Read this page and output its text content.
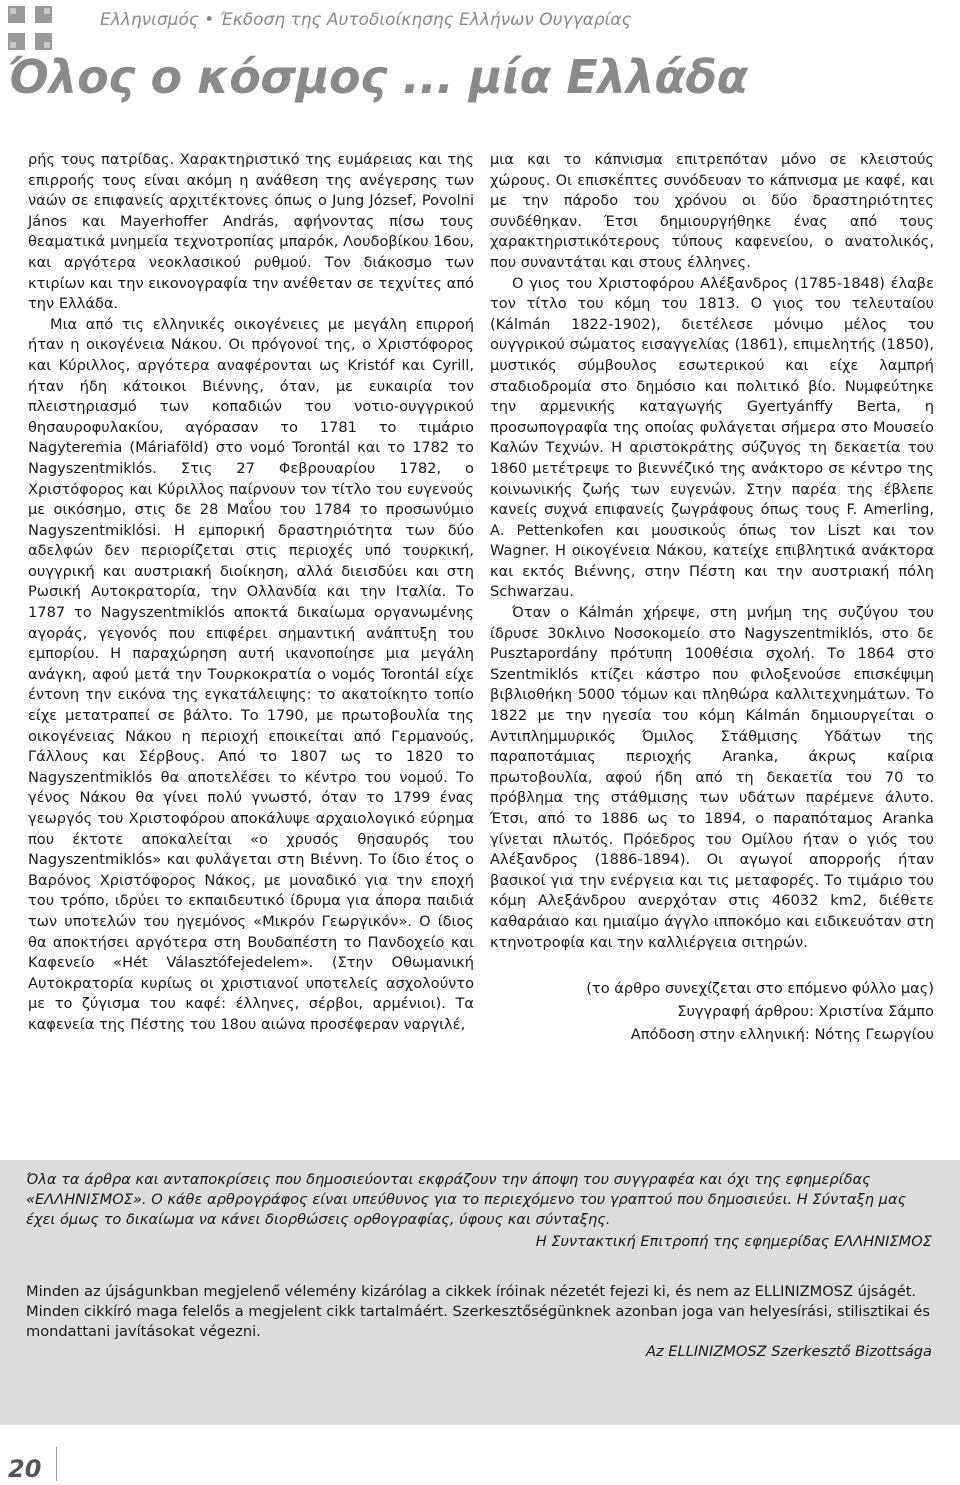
Ελληνισμός • Έκδοση της Αυτοδιοίκησης Ελλήνων Ουγγαρίας
Όλος ο κόσμος ... μία Ελλάδα

ρής τους πατρίδας. Χαρακτηριστικό της ευμάρειας και της επιρροής τους είναι ακόμη η ανάθεση της ανέγερσης των ναών σε επιφανείς αρχιτέκτονες όπως ο Jung József, Povolni János και Mayerhoffer András, αφήνοντας πίσω τους θεαματικά μνημεία τεχνοτροπίας μπαρόκ, Λουδοβίκου 16ου, και αργότερα νεοκλασικού ρυθμού. Τον διάκοσμο των κτιρίων και την εικονογραφία την ανέθεταν σε τεχνίτες από την Ελλάδα.

Μια από τις ελληνικές οικογένειες με μεγάλη επιρροή ήταν η οικογένεια Νάκου. Οι πρόγονοί της, ο Χριστόφορος και Κύριλλος, αργότερα αναφέρονται ως Kristóf και Cyrill, ήταν ήδη κάτοικοι Βιέννης, όταν, με ευκαιρία τον πλειστηριασμό των κοπαδιών του νοτιο-ουγγρικού θησαυροφυλακίου, αγόρασαν το 1781 το τιμάριο Nagyteremia (Máriaföld) στο νομό Torontál και το 1782 το Nagyszentmiklós. Στις 27 Φεβρουαρίου 1782, ο Χριστόφορος και Κύριλλος παίρνουν τον τίτλο του ευγενούς με οικόσημο, στις δε 28 Μαΐου του 1784 το προσωνύμιο Nagyszentmiklósi. Η εμπορική δραστηριότητα των δύο αδελφών δεν περιορίζεται στις περιοχές υπό τουρκική, ουγγρική και αυστριακή διοίκηση, αλλά διεισδύει και στη Ρωσική Αυτοκρατορία, την Ολλανδία και την Ιταλία. Το 1787 το Nagyszentmiklós αποκτά δικαίωμα οργανωμένης αγοράς, γεγονός που επιφέρει σημαντική ανάπτυξη του εμπορίου. Η παραχώρηση αυτή ικανοποίησε μια μεγάλη ανάγκη, αφού μετά την Τουρκοκρατία ο νομός Torontál είχε έντονη την εικόνα της εγκατάλειψης: το ακατοίκητο τοπίο είχε μετατραπεί σε βάλτο. Το 1790, με πρωτοβουλία της οικογένειας Νάκου η περιοχή εποικείται από Γερμανούς, Γάλλους και Σέρβους. Από το 1807 ως το 1820 το Nagyszentmiklós θα αποτελέσει το κέντρο του νομού. Το γένος Νάκου θα γίνει πολύ γνωστό, όταν το 1799 ένας γεωργός του Χριστοφόρου αποκάλυψε αρχαιολογικό εύρημα που έκτοτε αποκαλείται «ο χρυσός θησαυρός του Nagyszentmiklós» και φυλάγεται στη Βιέννη. Το ίδιο έτος ο Βαρόνος Χριστόφορος Νάκος, με μοναδικό για την εποχή του τρόπο, ιδρύει το εκπαιδευτικό ίδρυμα για άπορα παιδιά των υποτελών του ηγεμόνος «Μικρόν Γεωργικόν». Ο ίδιος θα αποκτήσει αργότερα στη Βουδαπέστη το Πανδοχείο και Καφενείο «Hét Választófejedelem». (Στην Οθωμανική Αυτοκρατορία κυρίως οι χριστιανοί υποτελείς ασχολούντο με το ζύγισμα του καφέ: έλληνες, σέρβοι, αρμένιοι). Τα καφενεία της Πέστης του 18ου αιώνα προσέφεραν ναργιλέ,

μια και το κάπνισμα επιτρεπόταν μόνο σε κλειστούς χώρους. Οι επισκέπτες συνόδευαν το κάπνισμα με καφέ, και με την πάροδο του χρόνου οι δύο δραστηριότητες συνδέθηκαν. Έτσι δημιουργήθηκε ένας από τους χαρακτηριστικότερους τύπους καφενείου, ο ανατολικός, που συναντάται και στους έλληνες.

Ο γιος του Χριστοφόρου Αλέξανδρος (1785-1848) έλαβε τον τίτλο του κόμη του 1813. Ο γιος του τελευταίου (Kálmán 1822-1902), διετέλεσε μόνιμο μέλος του ουγγρικού σώματος εισαγγελίας (1861), επιμελητής (1850), μυστικός σύμβουλος εσωτερικού και είχε λαμπρή σταδιοδρομία στο δημόσιο και πολιτικό βίο. Νυμφεύτηκε την αρμενικής καταγωγής Gyertyánffy Berta, η προσωπογραφία της οποίας φυλάγεται σήμερα στο Μουσείο Καλών Τεχνών. Η αριστοκράτης σύζυγος τη δεκαετία του 1860 μετέτρεψε το βιεννέζικό της ανάκτορο σε κέντρο της κοινωνικής ζωής των ευγενών. Στην παρέα της έβλεπε κανείς συχνά επιφανείς ζωγράφους όπως τους F. Amerling, A. Pettenkofen και μουσικούς όπως τον Liszt και τον Wagner. Η οικογένεια Νάκου, κατείχε επιβλητικά ανάκτορα και εκτός Βιέννης, στην Πέστη και την αυστριακή πόλη Schwarzau.

Όταν ο Kálmán χήρεψε, στη μνήμη της συζύγου του ίδρυσε 30κλινο Νοσοκομείο στο Nagyszentmiklós, στο δε Pusztapordány πρότυπη 100θέσια σχολή. Το 1864 στο Szentmiklós κτίζει κάστρο που φιλοξενούσε επισκέψιμη βιβλιοθήκη 5000 τόμων και πληθώρα καλλιτεχνημάτων. Το 1822 με την ηγεσία του κόμη Kálmán δημιουργείται ο Αντιπλημμυρικός Όμιλος Στάθμισης Υδάτων της παραποτάμιας περιοχής Aranka, άκρως καίρια πρωτοβουλία, αφού ήδη από τη δεκαετία του 70 το πρόβλημα της στάθμισης των υδάτων παρέμενε άλυτο. Έτσι, από το 1886 ως το 1894, ο παραπόταμος Aranka γίνεται πλωτός. Πρόεδρος του Ομίλου ήταν ο γιός του Αλέξανδρος (1886-1894). Οι αγωγοί απορροής ήταν βασικοί για την ενέργεια και τις μεταφορές. Το τιμάριο του κόμη Αλεξάνδρου ανερχόταν στις 46032 km2, διέθετε καθαράιαο και ημιαίμο άγγλο ιπποκόμο και ειδικευόταν στη κτηνοτροφία και την καλλιέργεια σιτηρών.

(το άρθρο συνεχίζεται στο επόμενο φύλλο μας)
Συγγραφή άρθρου: Χριστίνα Σάμπο
Απόδοση στην ελληνική: Νότης Γεωργίου
Όλα τα άρθρα και ανταποκρίσεις που δημοσιεύονται εκφράζουν την άποψη του συγγραφέα και όχι της εφημερίδας «ΕΛΛΗΝΙΣΜΟΣ». Ο κάθε αρθρογράφος είναι υπεύθυνος για το περιεχόμενο του γραπτού που δημοσιεύει. Η Σύνταξη μας έχει όμως το δικαίωμα να κάνει διορθώσεις ορθογραφίας, ύφους και σύνταξης.
Η Συντακτική Επιτροπή της εφημερίδας ΕΛΛΗΝΙΣΜΟΣ
Minden az újságunkban megjelenő vélemény kizárólag a cikkek íróinak nézetét fejezi ki, és nem az ELLINIZMOSZ újságét. Minden cikkíró maga felelős a megjelent cikk tartalmáért. Szerkesztőségünknek azonban joga van helyesírási, stilisztikai és mondattani javításokat végezni.
Az ELLINIZMOSZ Szerkesztő Bizottsága
20
